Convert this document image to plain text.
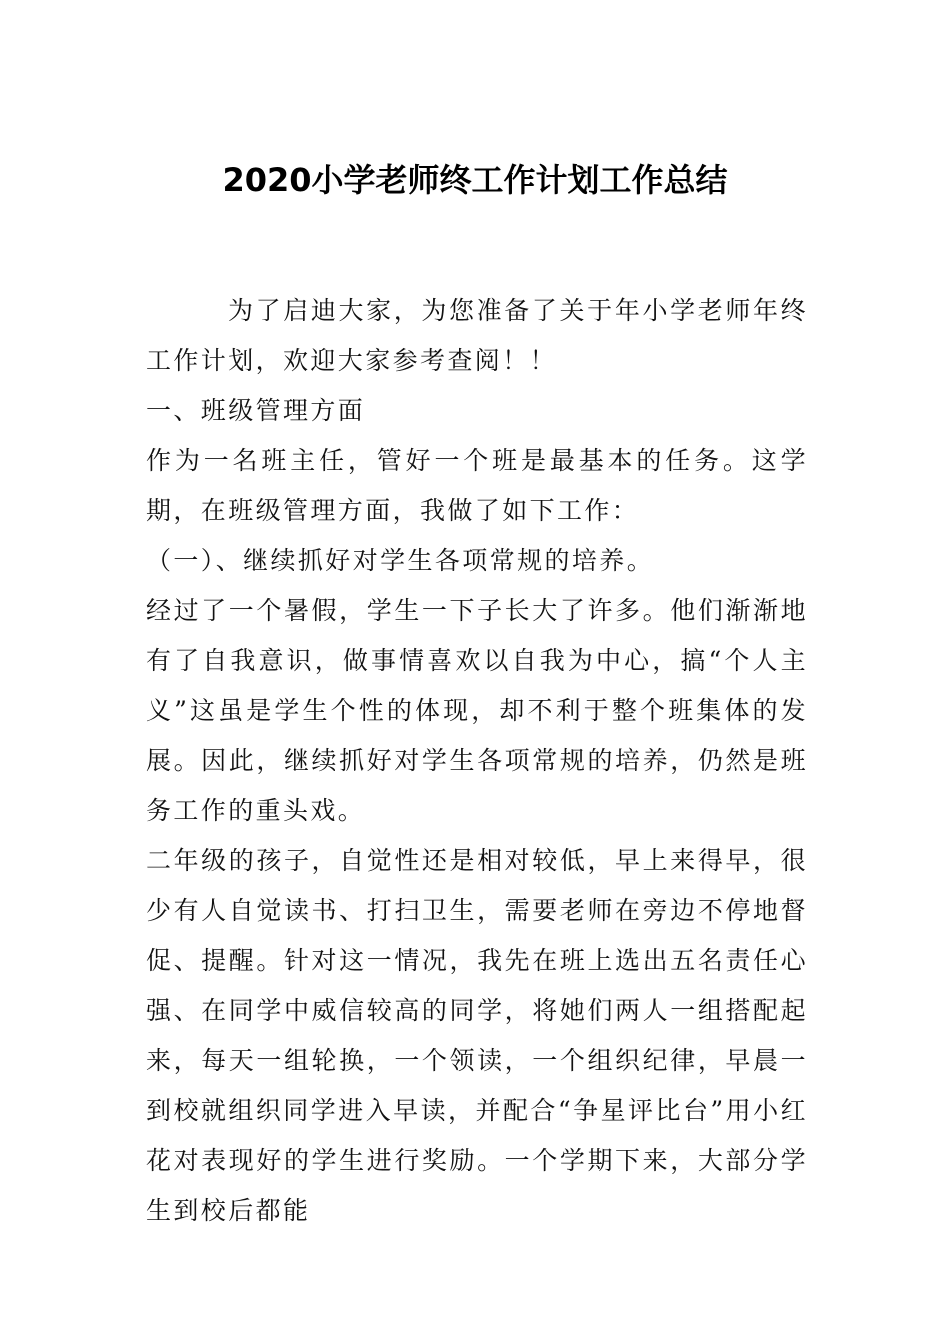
2020小学老师终工作计划工作总结

为了启迪大家，为您准备了关于年小学老师年终工作计划，欢迎大家参考查阅！！

一、班级管理方面

作为一名班主任，管好一个班是最基本的任务。这学期，在班级管理方面，我做了如下工作：

（一）、继续抓好对学生各项常规的培养。

经过了一个暑假，学生一下子长大了许多。他们渐渐地有了自我意识，做事情喜欢以自我为中心，搞“个人主义”这虽是学生个性的体现，却不利于整个班集体的发展。因此，继续抓好对学生各项常规的培养，仍然是班务工作的重头戏。

二年级的孩子，自觉性还是相对较低，早上来得早，很少有人自觉读书、打扫卫生，需要老师在旁边不停地督促、提醒。针对这一情况，我先在班上选出五名责任心强、在同学中威信较高的同学，将她们两人一组搭配起来，每天一组轮换，一个领读，一个组织纪律，早晨一到校就组织同学进入早读，并配合“争星评比台”用小红花对表现好的学生进行奖励。一个学期下来，大部分学生到校后都能
